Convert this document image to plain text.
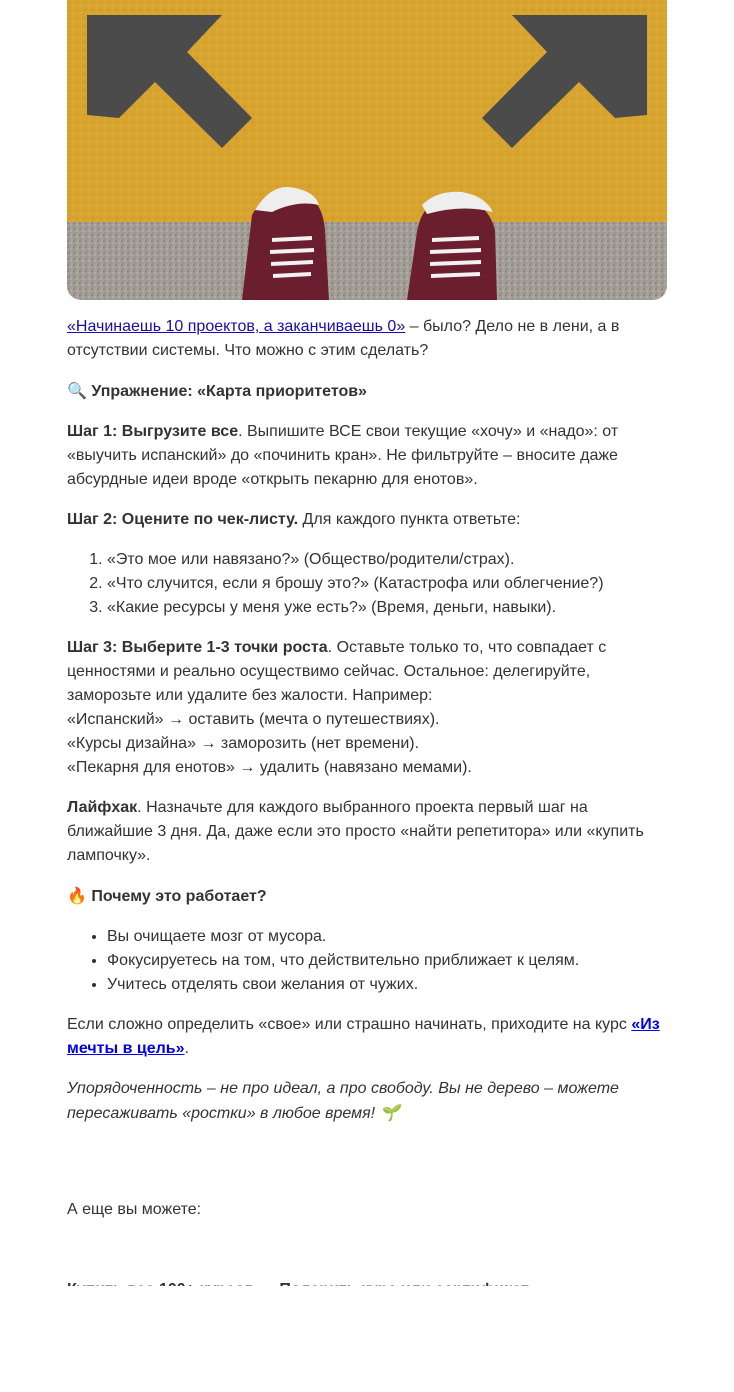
«Начинаешь 10 проектов, а заканчиваешь 0» – было? Дело не в лени, а в отсутствии системы. Что можно с этим сделать?

🔍 Упражнение: «Карта приоритетов»

Шаг 1: Выгрузите все. Выпишите ВСЕ свои текущие «хочу» и «надо»: от «выучить испанский» до «починить кран». Не фильтруйте – вносите даже абсурдные идеи вроде «открыть пекарню для енотов».

Шаг 2: Оцените по чек-листу. Для каждого пункта ответьте:

1. «Это мое или навязано?» (Общество/родители/страх).
2. «Что случится, если я брошу это?» (Катастрофа или облегчение?)
3. «Какие ресурсы у меня уже есть?» (Время, деньги, навыки).

Шаг 3: Выберите 1-3 точки роста. Оставьте только то, что совпадает с ценностями и реально осуществимо сейчас. Остальное: делегируйте, заморозьте или удалите без жалости. Например:
«Испанский» → оставить (мечта о путешествиях).
«Курсы дизайна» → заморозить (нет времени).
«Пекарня для енотов» → удалить (навязано мемами).

Лайфхак. Назначьте для каждого выбранного проекта первый шаг на ближайшие 3 дня. Да, даже если это просто «найти репетитора» или «купить лампочку».

🔥 Почему это работает?

• Вы очищаете мозг от мусора.
• Фокусируетесь на том, что действительно приближает к целям.
• Учитесь отделять свои желания от чужих.

Если сложно определить «свое» или страшно начинать, приходите на курс «Из мечты в цель».

Упорядоченность – не про идеал, а про свободу. Вы не дерево – можете пересаживать «ростки» в любое время! 🌱

А еще вы можете:
